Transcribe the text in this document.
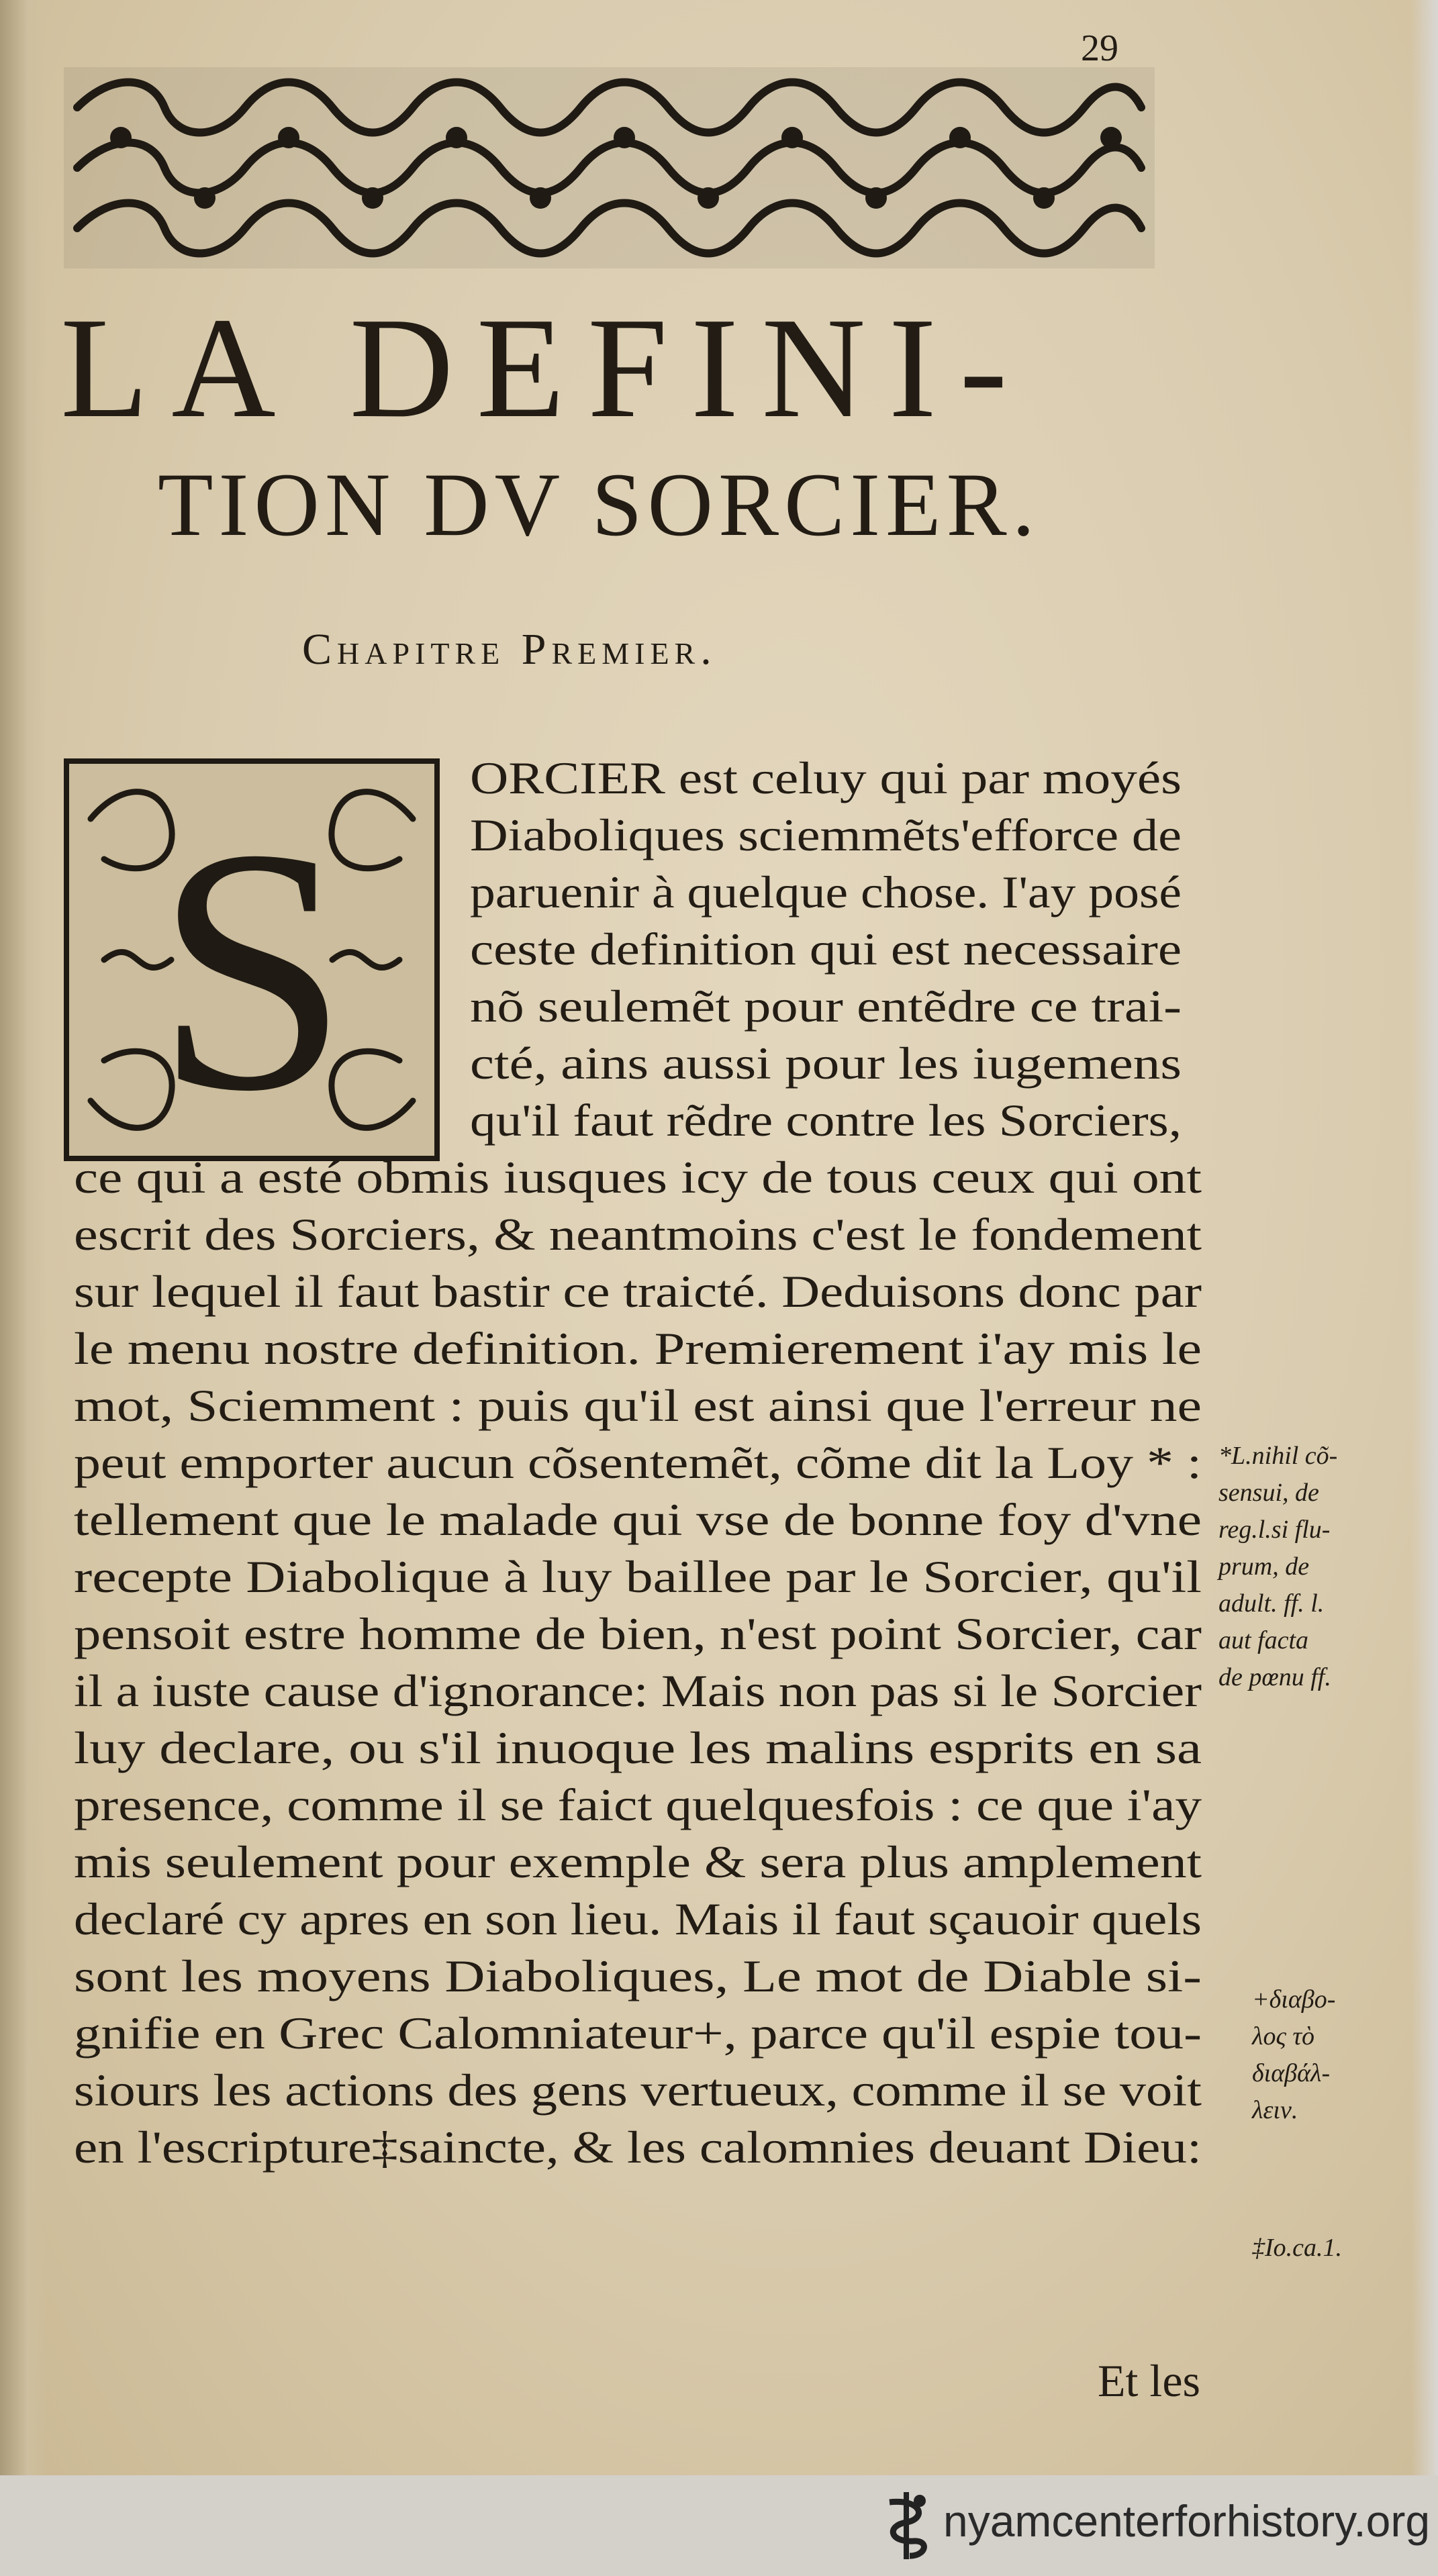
29
LA DEFINI-
TION DV SORCIER.
Chapitre Premier.
S	ORCIER est celuy qui par moyés
Diaboliques sciemmẽts'efforce de
paruenir à quelque chose. I'ay posé
ceste definition qui est necessaire
nõ seulemẽt pour entẽdre ce trai-
cté, ains aussi pour les iugemens
qu'il faut rẽdre contre les Sorciers,
ce qui a esté obmis iusques icy de tous ceux qui ont
escrit des Sorciers, & neantmoins c'est le fondement
sur lequel il faut bastir ce traicté. Deduisons donc par
le menu nostre definition. Premierement i'ay mis le
mot, Sciemment : puis qu'il est ainsi que l'erreur ne
peut emporter aucun cõsentemẽt, cõme dit la Loy * :
tellement que le malade qui vse de bonne foy d'vne
recepte Diabolique à luy baillee par le Sorcier, qu'il
pensoit estre homme de bien, n'est point Sorcier, car
il a iuste cause d'ignorance: Mais non pas si le Sorcier
luy declare, ou s'il inuoque les malins esprits en sa
presence, comme il se faict quelquesfois : ce que i'ay
mis seulement pour exemple & sera plus amplement
declaré cy apres en son lieu. Mais il faut sçauoir quels
sont les moyens Diaboliques, Le mot de Diable si-
gnifie en Grec Calomniateur+, parce qu'il espie tou-
siours les actions des gens vertueux, comme il se voit
en l'escripture‡saincte, & les calomnies deuant Dieu:
*L.nihil cõ-
sensui, de
reg.l.si flu-
prum, de
adult. ff. l.
aut facta
de pœnu ff.
+διαβο-
λος τὸ
διαβάλ-
λειν.
‡Io.ca.1.
Et les
nyamcenterforhistory.org
